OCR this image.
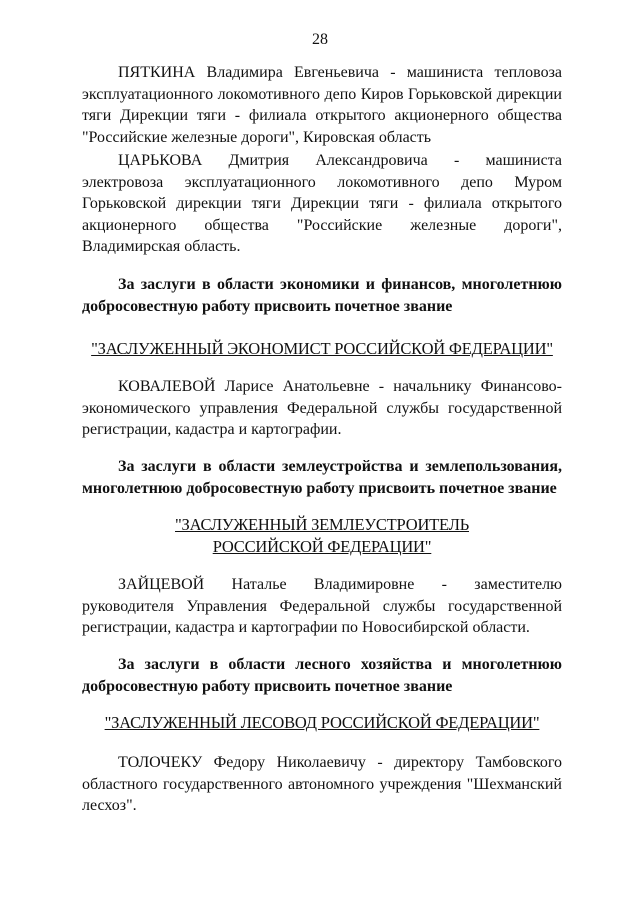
28

ПЯТКИНА Владимира Евгеньевича - машиниста тепловоза
эксплуатационного локомотивного депо Киров Горьковской дирекции
тяги Дирекции тяги - филиала открытого акционерного общества
"Российские железные дороги", Кировская область

ЦАРЬКОВА Дмитрия Александровича - машиниста
электровоза эксплуатационного локомотивного депо Муром
Горьковской дирекции тяги Дирекции тяги - филиала открытого
акционерного общества "Российские железные дороги",
Владимирская область.

За заслуги в области экономики и финансов, многолетнюю
добросовестную работу присвоить почетное звание

"ЗАСЛУЖЕННЫЙ ЭКОНОМИСТ РОССИЙСКОЙ ФЕДЕРАЦИИ"

КОВАЛЕВОЙ Ларисе Анатольевне - начальнику Финансово-
экономического управления Федеральной службы государственной
регистрации, кадастра и картографии.

За заслуги в области землеустройства и землепользования,
многолетнюю добросовестную работу присвоить почетное звание

"ЗАСЛУЖЕННЫЙ ЗЕМЛЕУСТРОИТЕЛЬ
РОССИЙСКОЙ ФЕДЕРАЦИИ"

ЗАЙЦЕВОЙ Наталье Владимировне - заместителю
руководителя Управления Федеральной службы государственной
регистрации, кадастра и картографии по Новосибирской области.

За заслуги в области лесного хозяйства и многолетнюю
добросовестную работу присвоить почетное звание

"ЗАСЛУЖЕННЫЙ ЛЕСОВОД РОССИЙСКОЙ ФЕДЕРАЦИИ"

ТОЛОЧЕКУ Федору Николаевичу - директору Тамбовского
областного государственного автономного учреждения "Шехманский
лесхоз".
